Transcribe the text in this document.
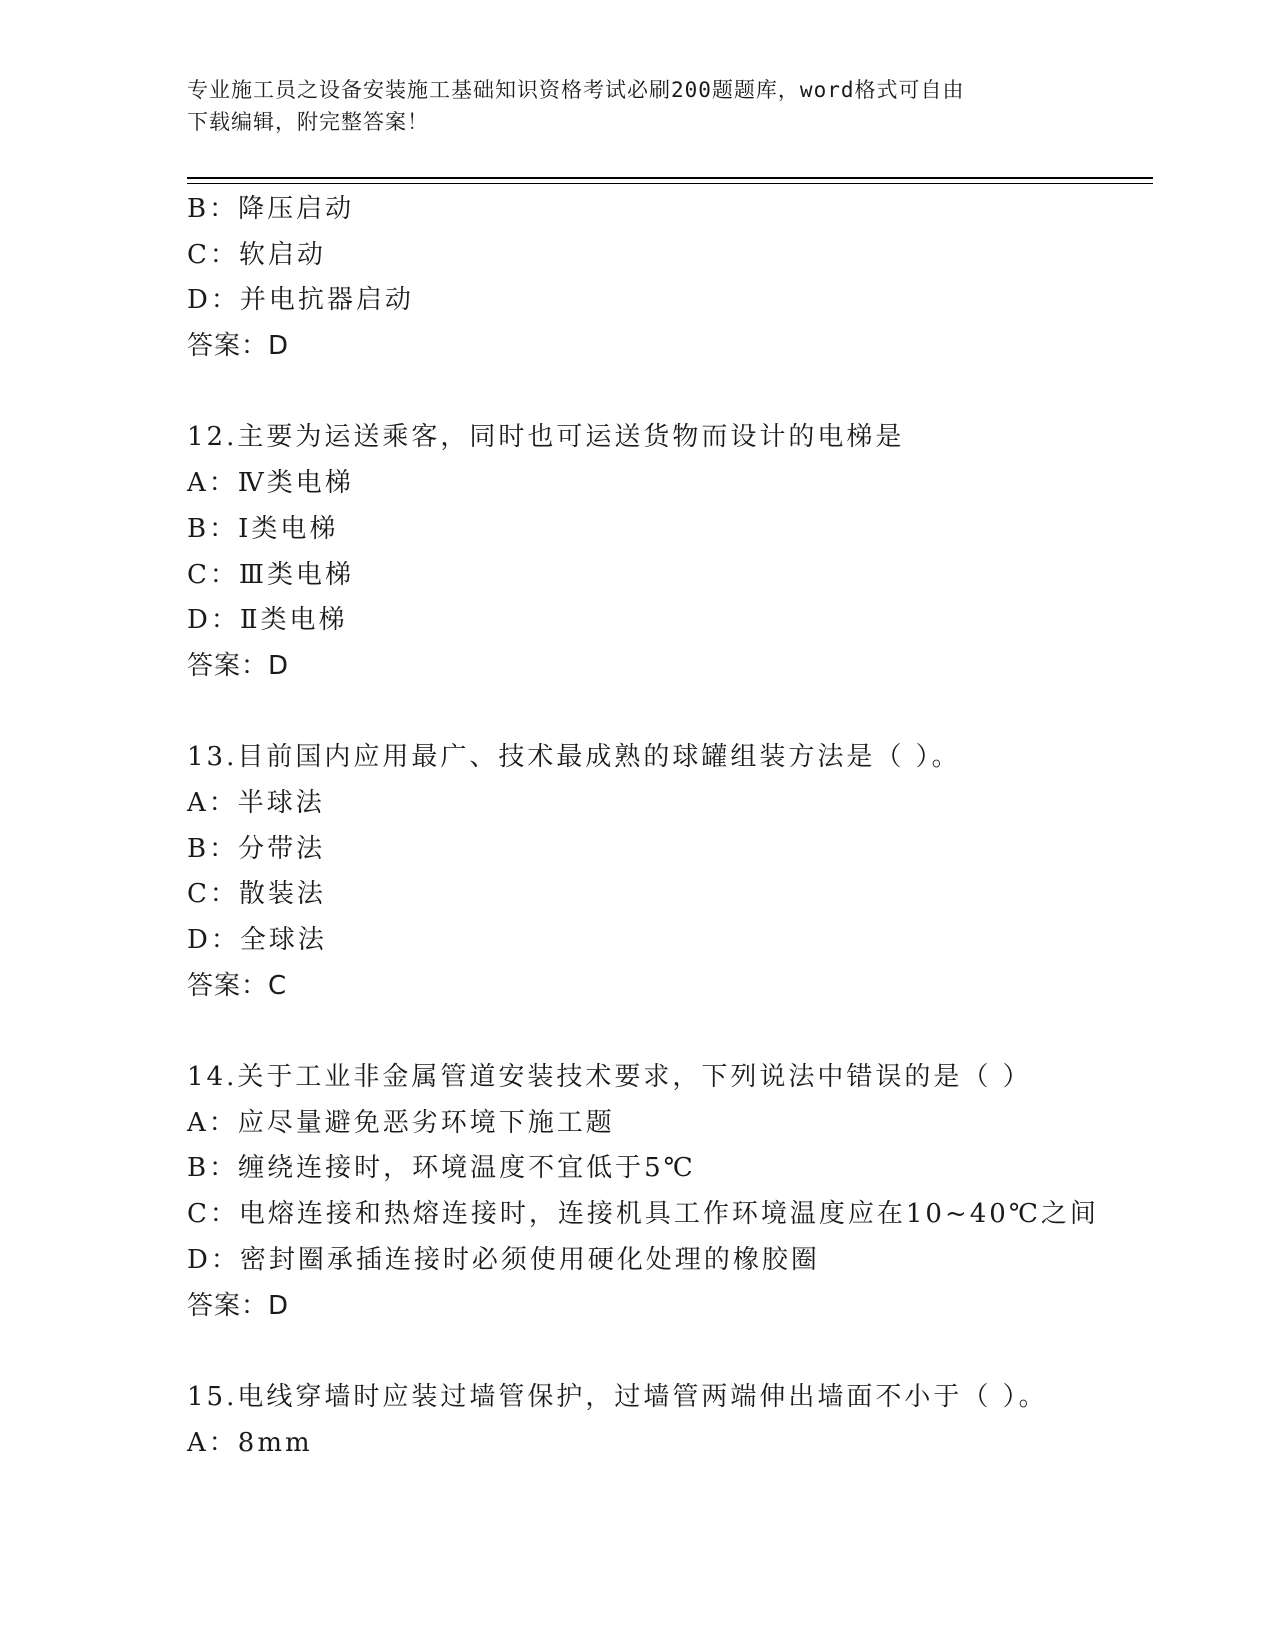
专业施工员之设备安装施工基础知识资格考试必刷200题题库，word格式可自由
下载编辑，附完整答案！
B：降压启动
C：软启动
D：并电抗器启动
答案：D
12.主要为运送乘客，同时也可运送货物而设计的电梯是
A：Ⅳ类电梯
B：Ⅰ类电梯
C：Ⅲ类电梯
D：Ⅱ类电梯
答案：D
13.目前国内应用最广、技术最成熟的球罐组装方法是（ ）。
A：半球法
B：分带法
C：散装法
D：全球法
答案：C
14.关于工业非金属管道安装技术要求，下列说法中错误的是（ ）
A：应尽量避免恶劣环境下施工题
B：缠绕连接时，环境温度不宜低于5℃
C：电熔连接和热熔连接时，连接机具工作环境温度应在10~40℃之间
D：密封圈承插连接时必须使用硬化处理的橡胶圈
答案：D
15.电线穿墙时应装过墙管保护，过墙管两端伸出墙面不小于（ ）。
A：8mm
